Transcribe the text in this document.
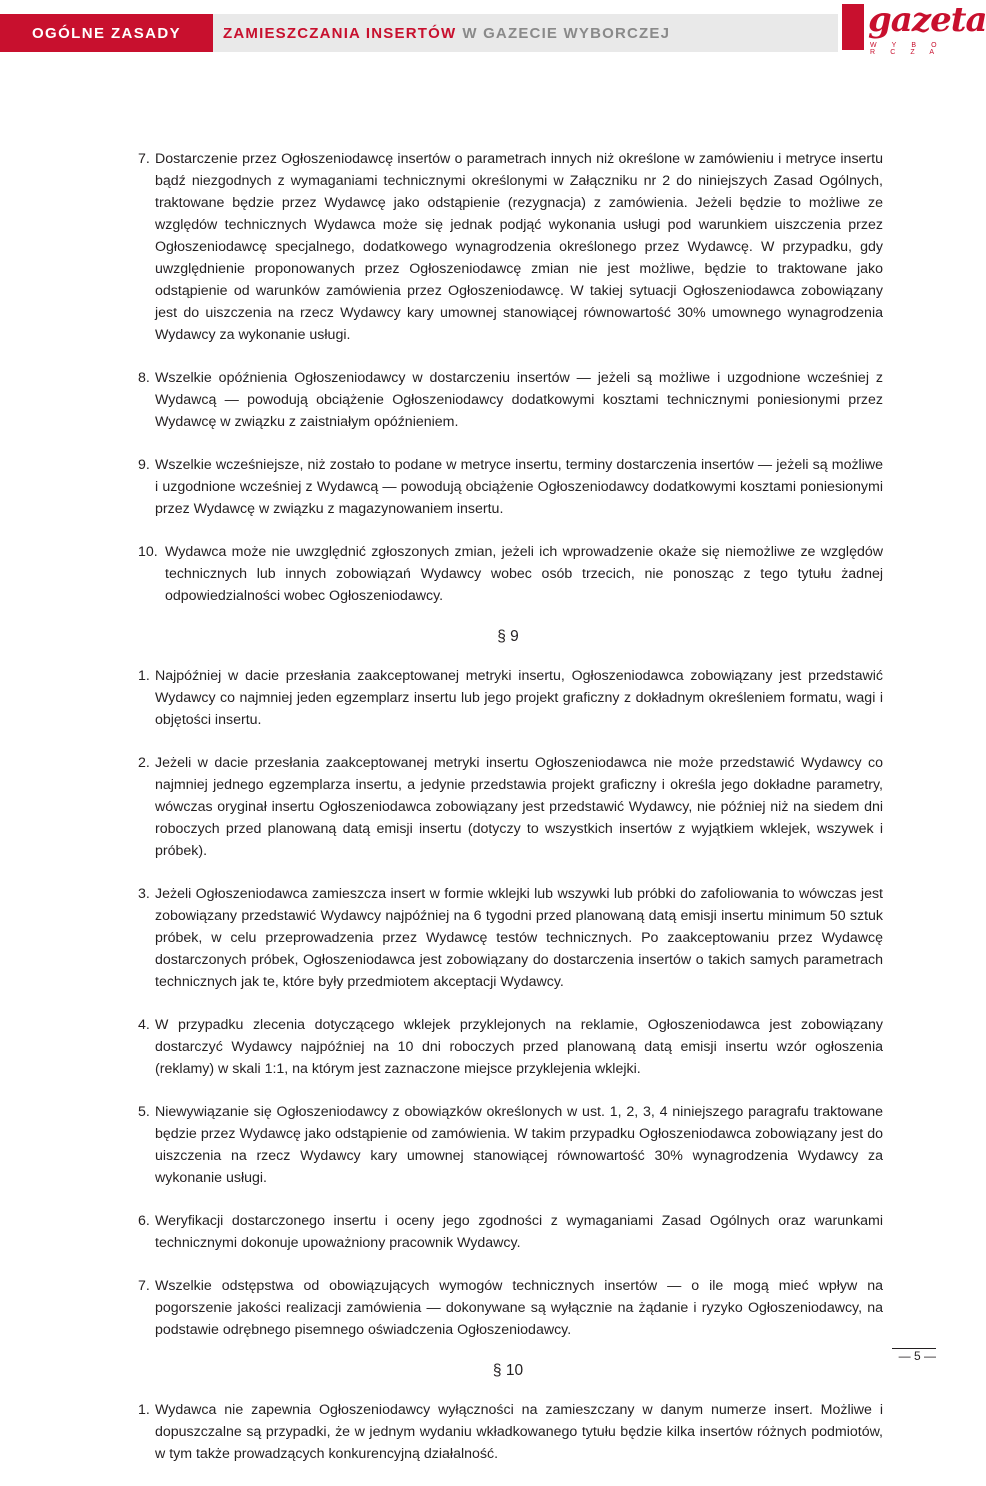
OGÓLNE ZASADY	ZAMIESZCZANIA INSERTÓW W GAZECIE WYBORCZEJ	gazeta
W Y B O R C Z A
7. Dostarczenie przez Ogłoszeniodawcę insertów o parametrach innych niż określone w zamówieniu i metryce insertu bądź niezgodnych z wymaganiami technicznymi określonymi w Załączniku nr 2 do niniejszych Zasad Ogólnych, traktowane będzie przez Wydawcę jako odstąpienie (rezygnacja) z zamówienia. Jeżeli będzie to możliwe ze względów technicznych Wydawca może się jednak podjąć wykonania usługi pod warunkiem uiszczenia przez Ogłoszeniodawcę specjalnego, dodatkowego wynagrodzenia określonego przez Wydawcę. W przypadku, gdy uwzględnienie proponowanych przez Ogłoszeniodawcę zmian nie jest możliwe, będzie to traktowane jako odstąpienie od warunków zamówienia przez Ogłoszeniodawcę. W takiej sytuacji Ogłoszeniodawca zobowiązany jest do uiszczenia na rzecz Wydawcy kary umownej stanowiącej równowartość 30% umownego wynagrodzenia Wydawcy za wykonanie usługi.
8. Wszelkie opóźnienia Ogłoszeniodawcy w dostarczeniu insertów — jeżeli są możliwe i uzgodnione wcześniej z Wydawcą — powodują obciążenie Ogłoszeniodawcy dodatkowymi kosztami technicznymi poniesionymi przez Wydawcę w związku z zaistniałym opóźnieniem.
9. Wszelkie wcześniejsze, niż zostało to podane w metryce insertu, terminy dostarczenia insertów — jeżeli są możliwe i uzgodnione wcześniej z Wydawcą — powodują obciążenie Ogłoszeniodawcy dodatkowymi kosztami poniesionymi przez Wydawcę w związku z magazynowaniem insertu.
10. Wydawca może nie uwzględnić zgłoszonych zmian, jeżeli ich wprowadzenie okaże się niemożliwe ze względów technicznych lub innych zobowiązań Wydawcy wobec osób trzecich, nie ponosząc z tego tytułu żadnej odpowiedzialności wobec Ogłoszeniodawcy.
§ 9
1. Najpóźniej w dacie przesłania zaakceptowanej metryki insertu, Ogłoszeniodawca zobowiązany jest przedstawić Wydawcy co najmniej jeden egzemplarz insertu lub jego projekt graficzny z dokładnym określeniem formatu, wagi i objętości insertu.
2. Jeżeli w dacie przesłania zaakceptowanej metryki insertu Ogłoszeniodawca nie może przedstawić Wydawcy co najmniej jednego egzemplarza insertu, a jedynie przedstawia projekt graficzny i określa jego dokładne parametry, wówczas oryginał insertu Ogłoszeniodawca zobowiązany jest przedstawić Wydawcy, nie później niż na siedem dni roboczych przed planowaną datą emisji insertu (dotyczy to wszystkich insertów z wyjątkiem wklejek, wszywek i próbek).
3. Jeżeli Ogłoszeniodawca zamieszcza insert w formie wklejki lub wszywki lub próbki do zafoliowania to wówczas jest zobowiązany przedstawić Wydawcy najpóźniej na 6 tygodni przed planowaną datą emisji insertu minimum 50 sztuk próbek, w celu przeprowadzenia przez Wydawcę testów technicznych. Po zaakceptowaniu przez Wydawcę dostarczonych próbek, Ogłoszeniodawca jest zobowiązany do dostarczenia insertów o takich samych parametrach technicznych jak te, które były przedmiotem akceptacji Wydawcy.
4. W przypadku zlecenia dotyczącego wklejek przyklejonych na reklamie, Ogłoszeniodawca jest zobowiązany dostarczyć Wydawcy najpóźniej na 10 dni roboczych przed planowaną datą emisji insertu wzór ogłoszenia (reklamy) w skali 1:1, na którym jest zaznaczone miejsce przyklejenia wklejki.
5. Niewywiązanie się Ogłoszeniodawcy z obowiązków określonych w ust. 1, 2, 3, 4 niniejszego paragrafu traktowane będzie przez Wydawcę jako odstąpienie od zamówienia. W takim przypadku Ogłoszeniodawca zobowiązany jest do uiszczenia na rzecz Wydawcy kary umownej stanowiącej równowartość 30% wynagrodzenia Wydawcy za wykonanie usługi.
6. Weryfikacji dostarczonego insertu i oceny jego zgodności z wymaganiami Zasad Ogólnych oraz warunkami technicznymi dokonuje upoważniony pracownik Wydawcy.
7. Wszelkie odstępstwa od obowiązujących wymogów technicznych insertów — o ile mogą mieć wpływ na pogorszenie jakości realizacji zamówienia — dokonywane są wyłącznie na żądanie i ryzyko Ogłoszeniodawcy, na podstawie odrębnego pisemnego oświadczenia Ogłoszeniodawcy.
§ 10
1. Wydawca nie zapewnia Ogłoszeniodawcy wyłączności na zamieszczany w danym numerze insert. Możliwe i dopuszczalne są przypadki, że w jednym wydaniu wkładkowanego tytułu będzie kilka insertów różnych podmiotów, w tym także prowadzących konkurencyjną działalność.
— 5 —
